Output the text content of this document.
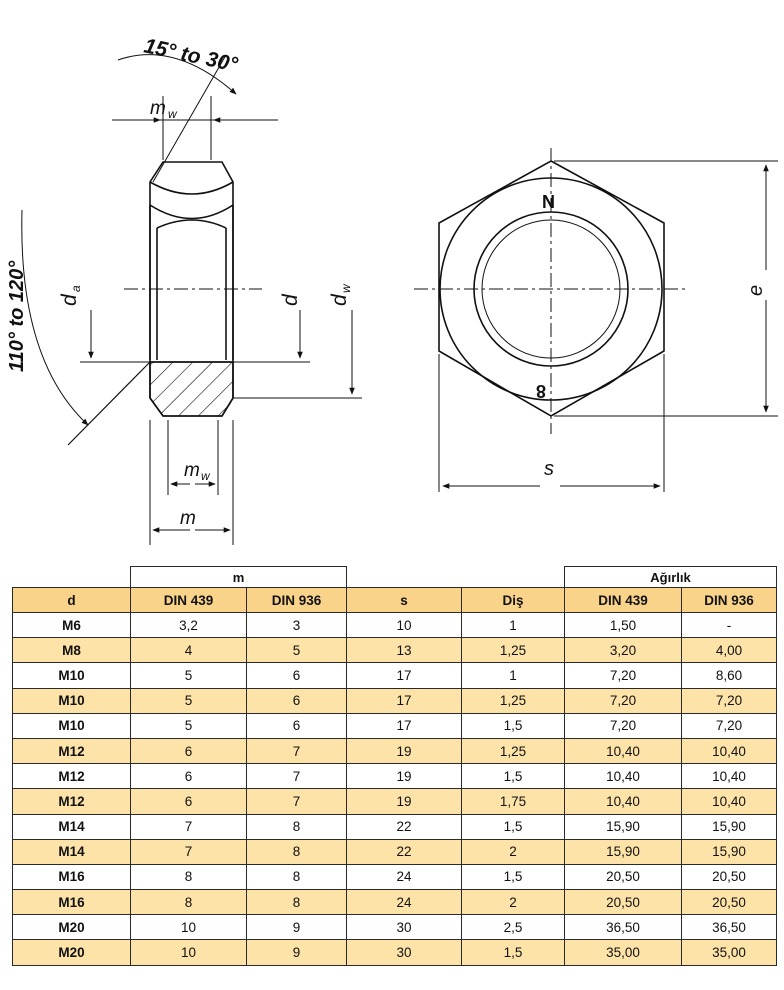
15° to 30°
110° to 120°
m w
d
a
d d
w
m w
m
s
e
N
8
	m				Ağırlık	
d	DIN 439	DIN 936	s	Diş	DIN 439	DIN 936
M6	3,2	3	10	1	1,50	-
M8	4	5	13	1,25	3,20	4,00
M10	5	6	17	1	7,20	8,60
M10	5	6	17	1,25	7,20	7,20
M10	5	6	17	1,5	7,20	7,20
M12	6	7	19	1,25	10,40	10,40
M12	6	7	19	1,5	10,40	10,40
M12	6	7	19	1,75	10,40	10,40
M14	7	8	22	1,5	15,90	15,90
M14	7	8	22	2	15,90	15,90
M16	8	8	24	1,5	20,50	20,50
M16	8	8	24	2	20,50	20,50
M20	10	9	30	2,5	36,50	36,50
M20	10	9	30	1,5	35,00	35,00
